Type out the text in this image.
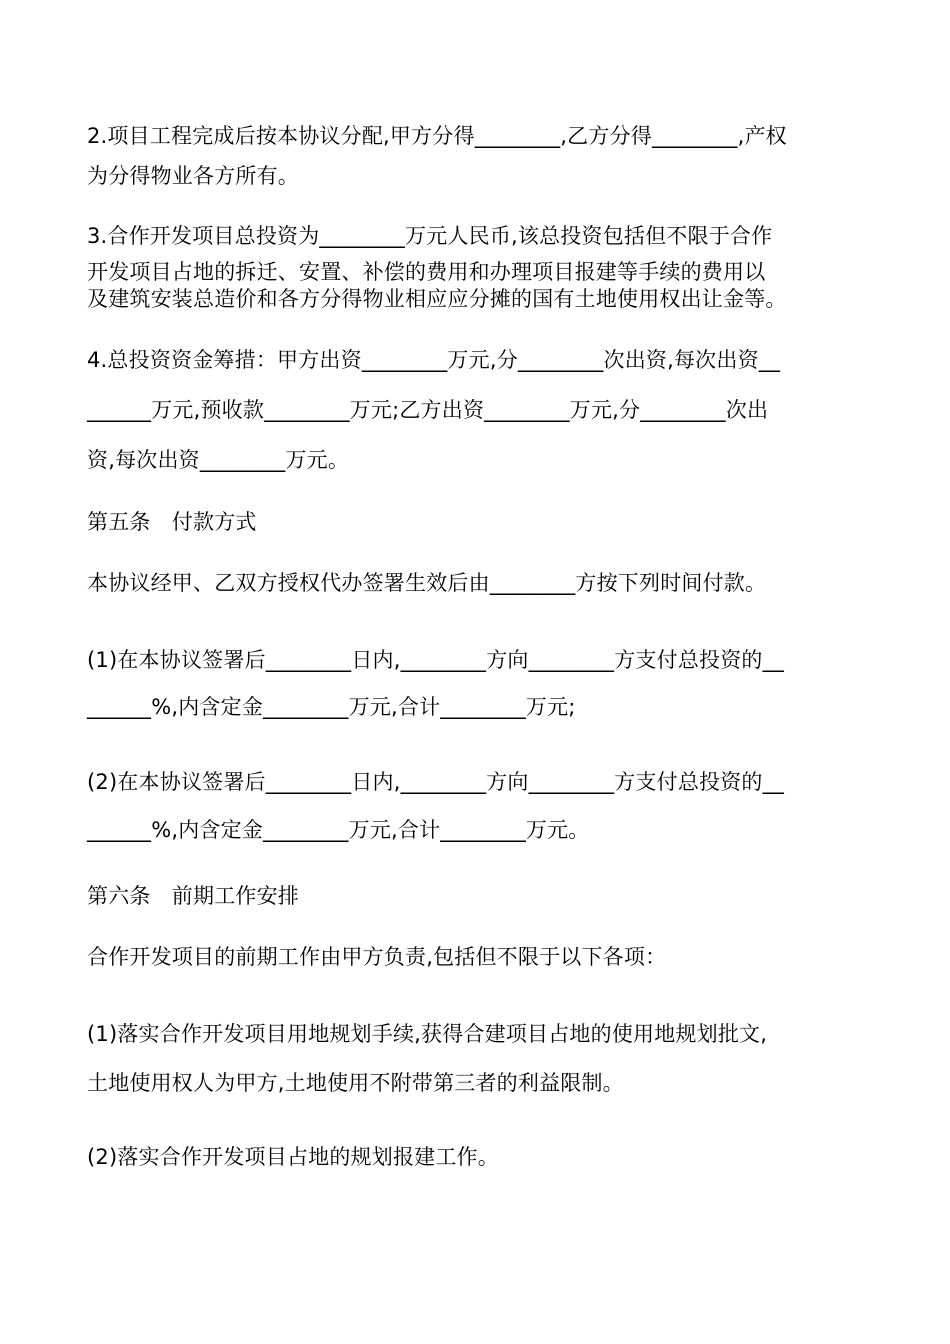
2.项目工程完成后按本协议分配,甲方分得________,乙方分得________,产权
为分得物业各方所有。
3.合作开发项目总投资为________万元人民币,该总投资包括但不限于合作
开发项目占地的拆迁、安置、补偿的费用和办理项目报建等手续的费用以
及建筑安装总造价和各方分得物业相应应分摊的国有土地使用权出让金等。
4.总投资资金筹措：甲方出资________万元,分________次出资,每次出资__
______万元,预收款________万元;乙方出资________万元,分________次出
资,每次出资________万元。
第五条　付款方式
本协议经甲、乙双方授权代办签署生效后由________方按下列时间付款。
(1)在本协议签署后________日内,________方向________方支付总投资的__
______%,内含定金________万元,合计________万元;
(2)在本协议签署后________日内,________方向________方支付总投资的__
______%,内含定金________万元,合计________万元。
第六条　前期工作安排
合作开发项目的前期工作由甲方负责,包括但不限于以下各项：
(1)落实合作开发项目用地规划手续,获得合建项目占地的使用地规划批文,
土地使用权人为甲方,土地使用不附带第三者的利益限制。
(2)落实合作开发项目占地的规划报建工作。
